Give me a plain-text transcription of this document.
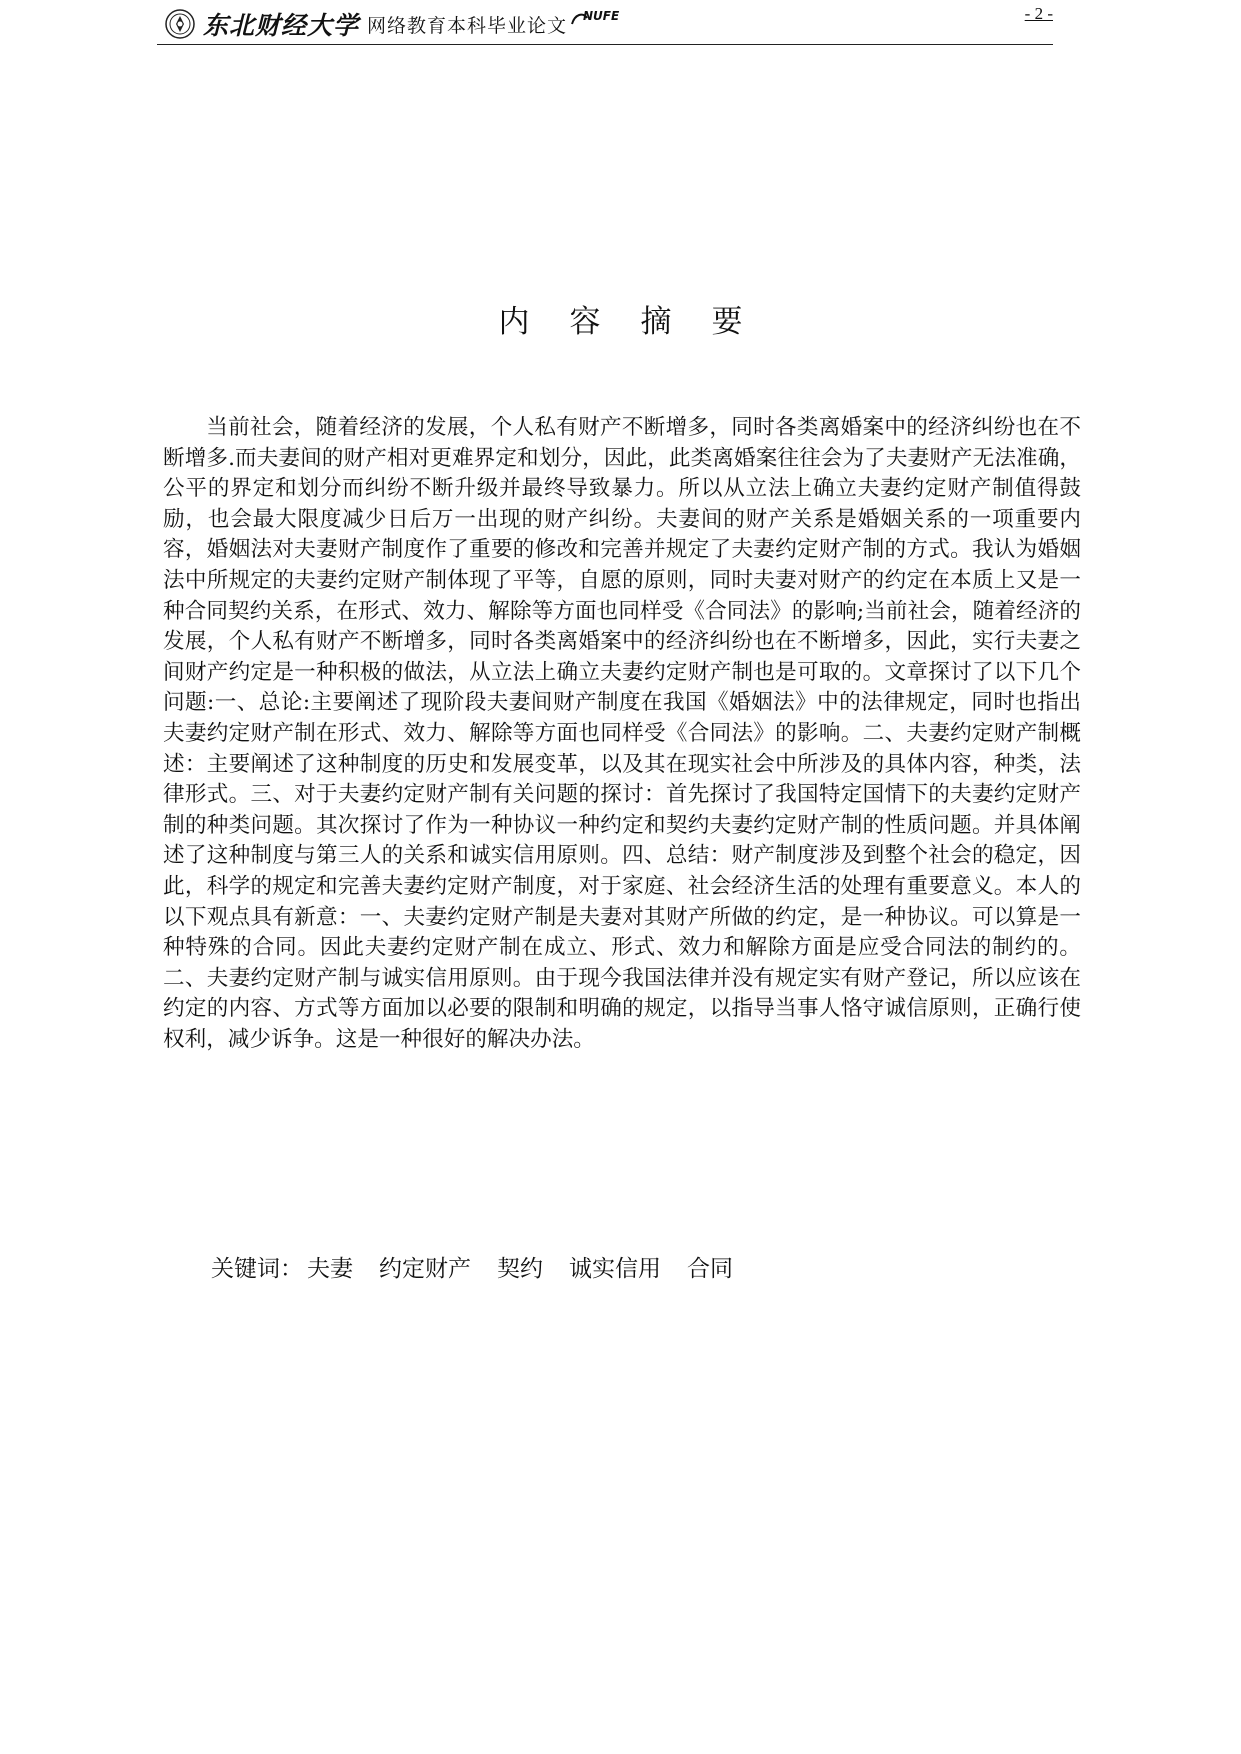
东北财经大学 网络教育本科毕业论文 NUFE	- 2 -
内容摘要

当前社会，随着经济的发展，个人私有财产不断增多，同时各类离婚案中的经济纠纷也在不断增多.而夫妻间的财产相对更难界定和划分，因此，此类离婚案往往会为了夫妻财产无法准确，公平的界定和划分而纠纷不断升级并最终导致暴力。所以从立法上确立夫妻约定财产制值得鼓励，也会最大限度减少日后万一出现的财产纠纷。夫妻间的财产关系是婚姻关系的一项重要内容，婚姻法对夫妻财产制度作了重要的修改和完善并规定了夫妻约定财产制的方式。我认为婚姻法中所规定的夫妻约定财产制体现了平等，自愿的原则，同时夫妻对财产的约定在本质上又是一种合同契约关系，在形式、效力、解除等方面也同样受《合同法》的影响;当前社会，随着经济的发展，个人私有财产不断增多，同时各类离婚案中的经济纠纷也在不断增多，因此，实行夫妻之间财产约定是一种积极的做法，从立法上确立夫妻约定财产制也是可取的。文章探讨了以下几个问题:一、总论:主要阐述了现阶段夫妻间财产制度在我国《婚姻法》中的法律规定，同时也指出夫妻约定财产制在形式、效力、解除等方面也同样受《合同法》的影响。二、夫妻约定财产制概述：主要阐述了这种制度的历史和发展变革，以及其在现实社会中所涉及的具体内容，种类，法律形式。三、对于夫妻约定财产制有关问题的探讨：首先探讨了我国特定国情下的夫妻约定财产制的种类问题。其次探讨了作为一种协议一种约定和契约夫妻约定财产制的性质问题。并具体阐述了这种制度与第三人的关系和诚实信用原则。四、总结：财产制度涉及到整个社会的稳定，因此，科学的规定和完善夫妻约定财产制度，对于家庭、社会经济生活的处理有重要意义。本人的以下观点具有新意：一、夫妻约定财产制是夫妻对其财产所做的约定，是一种协议。可以算是一种特殊的合同。因此夫妻约定财产制在成立、形式、效力和解除方面是应受合同法的制约的。二、夫妻约定财产制与诚实信用原则。由于现今我国法律并没有规定实有财产登记，所以应该在约定的内容、方式等方面加以必要的限制和明确的规定，以指导当事人恪守诚信原则，正确行使权利，减少诉争。这是一种很好的解决办法。

关键词： 夫妻 约定财产 契约 诚实信用 合同
